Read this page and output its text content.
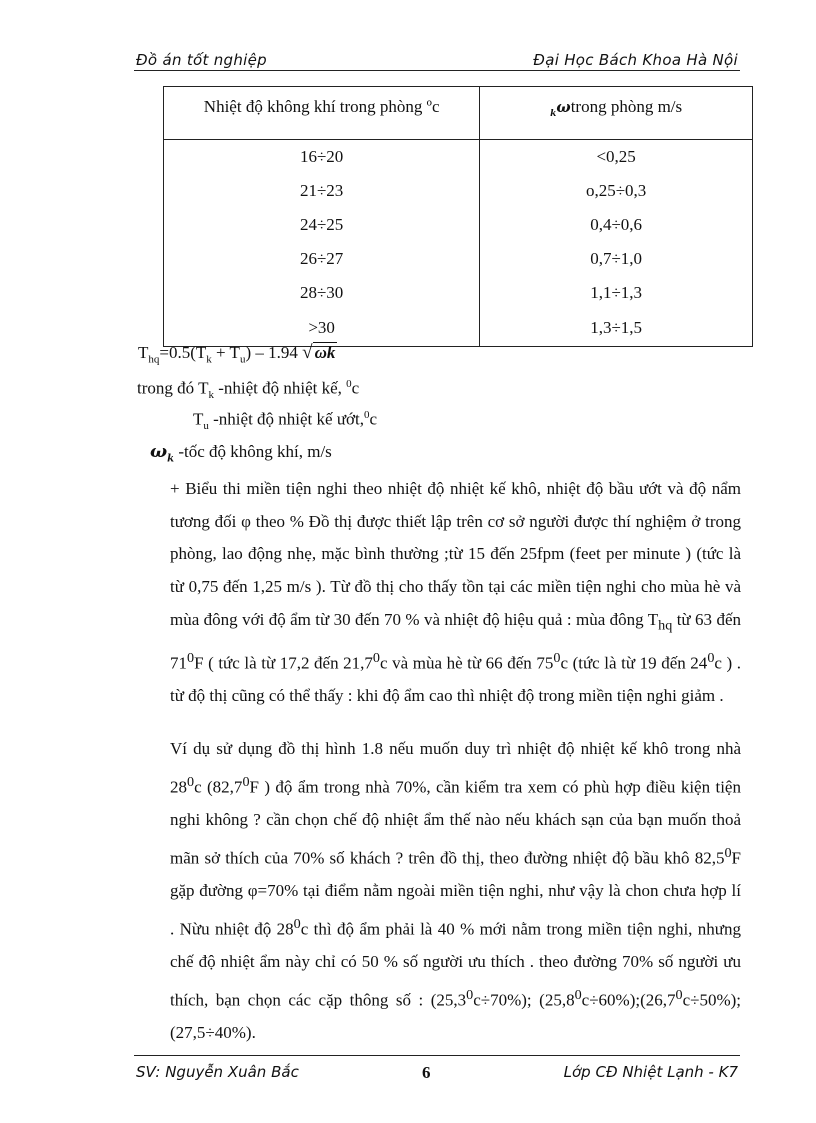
Đồ án tốt nghiệp	Đại Học Bách Khoa Hà Nội
Nhiệt độ không khí trong phòng ºc	$_k$ωtrong phòng m/s
16÷20	<0,25
21÷23	o,25÷0,3
24÷25	0,4÷0,6
26÷27	0,7÷1,0
28÷30	1,1÷1,3
>30	1,3÷1,5
$T_{hq}=0.5(T_k + T_u) - 1.94$ √ ωk
trong đó $T_k$ -nhiệt độ nhiệt kế, $^0$c
$T_u$ -nhiệt độ nhiệt kế ướt,$^0$c
$\omega_k$ -tốc độ không khí, m/s

+ Biểu thi miền tiện nghi theo nhiệt độ nhiệt kế khô, nhiệt độ bầu ướt và độ nẩm tương đối φ theo % Đồ thị được thiết lập trên cơ sở người được thí nghiệm ở trong phòng, lao động nhẹ, mặc bình thường ;từ 15 đến 25fpm (feet per minute ) (tức là từ 0,75 đến 1,25 m/s ). Từ đồ thị cho thấy tồn tại các miền tiện nghi cho mùa hè và mùa đông với độ ẩm từ 30 đến 70 % và nhiệt độ hiệu quả : mùa đông $T_{hq}$ từ 63 đến $71^0F$ ( tức là từ 17,2 đến 21,7$^0$c và mùa hè từ 66 đến $75^0c$ (tức là từ 19 đến $24^0c$ ) . từ độ thị cũng có thể thấy : khi độ ẩm cao thì nhiệt độ trong miền tiện nghi giảm .

Ví dụ sử dụng đồ thị hình 1.8 nếu muốn duy trì nhiệt độ nhiệt kế khô trong nhà $28^0c$ (82,7$^0$F ) độ ẩm trong nhà 70%, cần kiểm tra xem có phù hợp điều kiện tiện nghi không ? cần chọn chế độ nhiệt ẩm thế nào nếu khách sạn của bạn muốn thoả mãn sở thích của 70% số khách ? trên đồ thị, theo đường nhiệt độ bầu khô 82,5$^0$F gặp đường φ=70% tại điểm nằm ngoài miền tiện nghi, như vậy là chon chưa hợp lí . Nừu nhiệt độ $28^0c$ thì độ ẩm phải là 40 % mới nằm trong miền tiện nghi, nhưng chế độ nhiệt ẩm này chỉ có 50 % số người ưu thích . theo đường 70% số người ưu thích, bạn chọn các cặp thông số : $(25,3^0c\div 70\%)$; $(25,8^0c\div 60\%);(26,7^0c\div 50\%)$; (27,5÷40%).

SV: Nguyễn Xuân Bắc	6	Lớp CĐ Nhiệt Lạnh - K7
